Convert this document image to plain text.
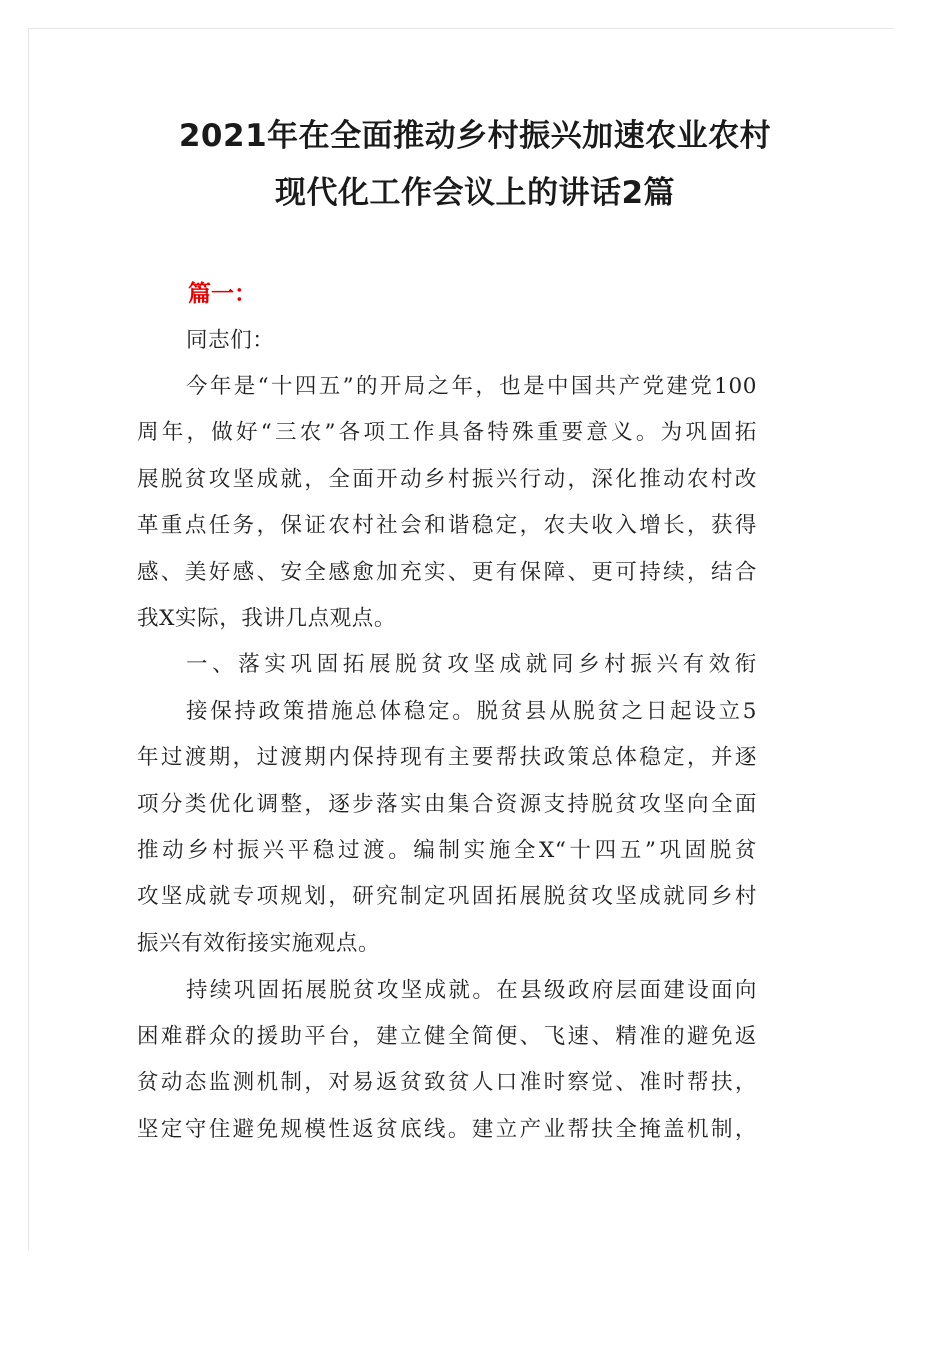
2021年在全面推动乡村振兴加速农业农村
现代化工作会议上的讲话2篇
篇一：
同志们：
今年是“十四五”的开局之年，也是中国共产党建党100
周年，做好“三农”各项工作具备特殊重要意义。为巩固拓
展脱贫攻坚成就，全面开动乡村振兴行动，深化推动农村改
革重点任务，保证农村社会和谐稳定，农夫收入增长，获得
感、美好感、安全感愈加充实、更有保障、更可持续，结合
我X实际，我讲几点观点。
一、落实巩固拓展脱贫攻坚成就同乡村振兴有效衔
接保持政策措施总体稳定。脱贫县从脱贫之日起设立5
年过渡期，过渡期内保持现有主要帮扶政策总体稳定，并逐
项分类优化调整，逐步落实由集合资源支持脱贫攻坚向全面
推动乡村振兴平稳过渡。编制实施全X“十四五”巩固脱贫
攻坚成就专项规划，研究制定巩固拓展脱贫攻坚成就同乡村
振兴有效衔接实施观点。
持续巩固拓展脱贫攻坚成就。在县级政府层面建设面向
困难群众的援助平台，建立健全简便、飞速、精准的避免返
贫动态监测机制，对易返贫致贫人口准时察觉、准时帮扶，
坚定守住避免规模性返贫底线。建立产业帮扶全掩盖机制，
